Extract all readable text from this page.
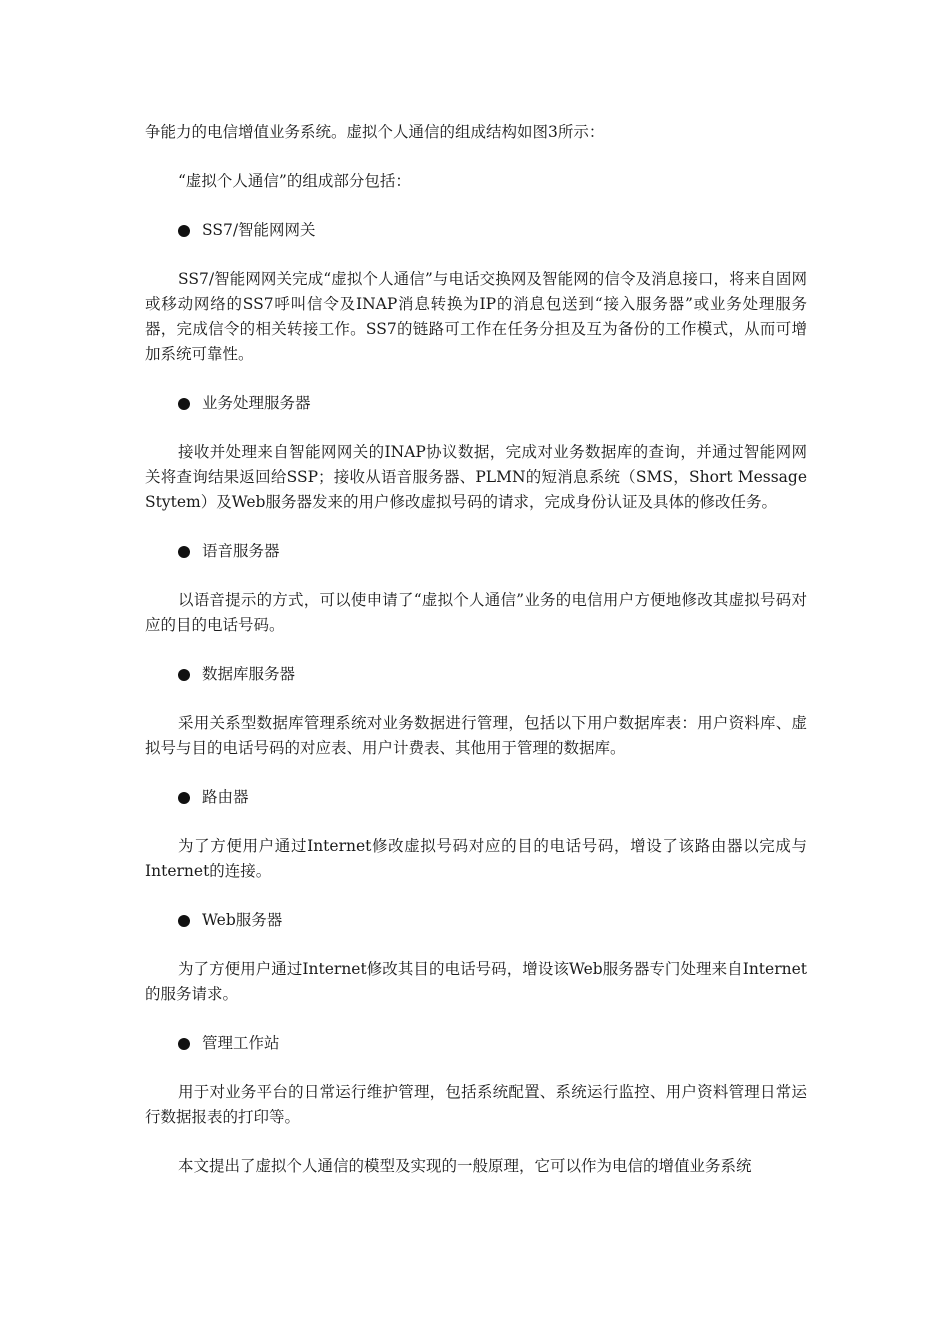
争能力的电信增值业务系统。虚拟个人通信的组成结构如图3所示：

“虚拟个人通信”的组成部分包括：

SS7/智能网网关

SS7/智能网网关完成“虚拟个人通信”与电话交换网及智能网的信令及消息接口，将来自固网或移动网络的SS7呼叫信令及INAP消息转换为IP的消息包送到“接入服务器”或业务处理服务器，完成信令的相关转接工作。SS7的链路可工作在任务分担及互为备份的工作模式，从而可增加系统可靠性。

业务处理服务器

接收并处理来自智能网网关的INAP协议数据，完成对业务数据库的查询，并通过智能网网关将查询结果返回给SSP；接收从语音服务器、PLMN的短消息系统（SMS，Short Message Stytem）及Web服务器发来的用户修改虚拟号码的请求，完成身份认证及具体的修改任务。

语音服务器

以语音提示的方式，可以使申请了“虚拟个人通信”业务的电信用户方便地修改其虚拟号码对应的目的电话号码。

数据库服务器

采用关系型数据库管理系统对业务数据进行管理，包括以下用户数据库表：用户资料库、虚拟号与目的电话号码的对应表、用户计费表、其他用于管理的数据库。

路由器

为了方便用户通过Internet修改虚拟号码对应的目的电话号码，增设了该路由器以完成与Internet的连接。

Web服务器

为了方便用户通过Internet修改其目的电话号码，增设该Web服务器专门处理来自Internet的服务请求。

管理工作站

用于对业务平台的日常运行维护管理，包括系统配置、系统运行监控、用户资料管理日常运行数据报表的打印等。

本文提出了虚拟个人通信的模型及实现的一般原理，它可以作为电信的增值业务系统
